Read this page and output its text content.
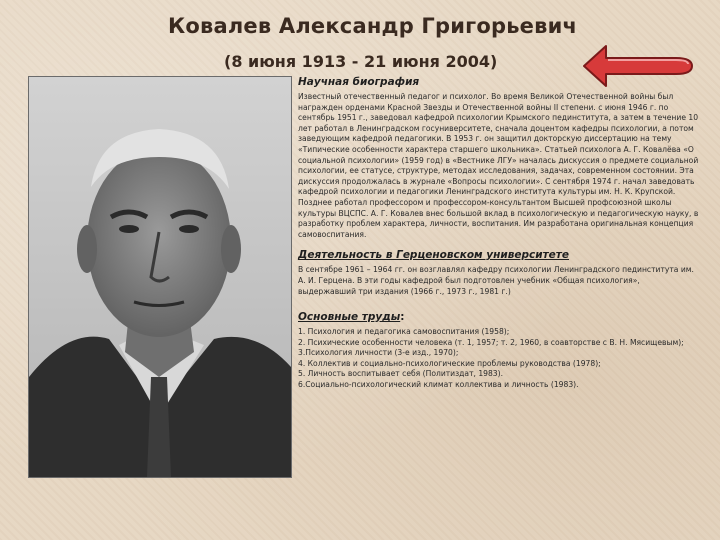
Ковалев Александр Григорьевич

(8 июня 1913 - 21 июня 2004)

Научная биография

Известный отечественный педагог и психолог. Во время Великой Отечественной войны был награжден орденами Красной Звезды и Отечественной войны II степени. с июня 1946 г. по сентябрь 1951 г., заведовал кафедрой психологии Крымского пединститута, а затем в течение 10 лет работал в Ленинградском госуниверситете, сначала доцентом кафедры психологии, а потом заведующим кафедрой педагогики. В 1953 г. он защитил докторскую диссертацию на тему «Типические особенности характера старшего школьника». Статьей психолога А. Г. Ковалёва «О социальной психологии» (1959 год) в «Вестнике ЛГУ» началась дискуссия о предмете социальной психологии, ее статусе, структуре, методах исследования, задачах, современном состоянии. Эта дискуссия продолжалась в журнале «Вопросы психологии». С сентября 1974 г. начал заведовать кафедрой психологии и педагогики Ленинградского института культуры им. Н. К. Крупской. Позднее работал профессором и профессором-консультантом Высшей профсоюзной школы культуры ВЦСПС. А. Г. Ковалев внес большой вклад в психологическую и педагогическую науку, в разработку проблем характера, личности, воспитания. Им разработана оригинальная концепция самовоспитания.

Деятельность в Герценовском университете

В сентябре 1961 – 1964 гг. он возглавлял кафедру психологии Ленинградского пединститута им. А. И. Герцена. В эти годы кафедрой был подготовлен учебник «Общая психология», выдержавший три издания (1966 г., 1973 г., 1981 г.)

Основные труды:

1. Психология и педагогика самовоспитания (1958);
2. Психические особенности человека (т. 1, 1957; т. 2, 1960, в соавторстве с В. Н. Мясищевым);
3.Психология личности (3-е изд., 1970);
4. Коллектив и социально-психологические проблемы руководства (1978);
5. Личность воспитывает себя (Политиздат, 1983).
6.Социально-психологический климат коллектива и личность (1983).
